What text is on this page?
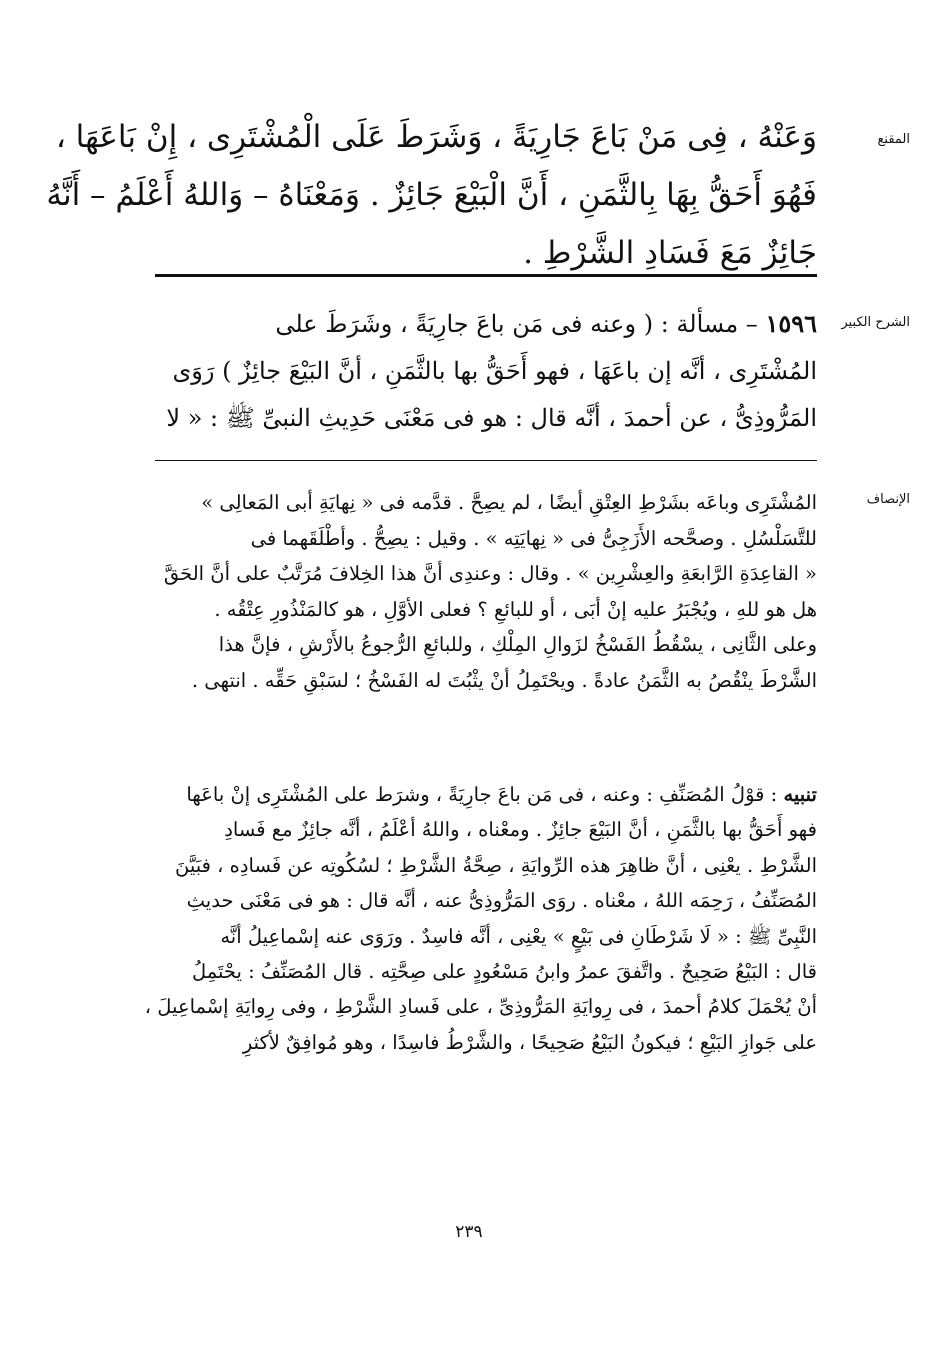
المقنع
الشرح الكبير
الإنصاف
وَعَنْهُ ، فِى مَنْ بَاعَ جَارِيَةً ، وَشَرَطَ عَلَى الْمُشْتَرِى ، إِنْ بَاعَهَا ،
فَهُوَ أَحَقُّ بِهَا بِالثَّمَنِ ، أَنَّ الْبَيْعَ جَائِزٌ . وَمَعْنَاهُ – وَاللهُ أَعْلَمُ – أَنَّهُ
جَائِزٌ مَعَ فَسَادِ الشَّرْطِ .
١٥٩٦ – مسألة : ( وعنه فى مَن باعَ جارِيَةً ، وشَرَطَ على
المُشْتَرِى ، أنَّه إن باعَهَا ، فهو أَحَقُّ بها بالثَّمَنِ ، أنَّ البَيْعَ جائِزٌ ) رَوَى
المَرُّوذِىُّ ، عن أحمدَ ، أنَّه قال : هو فى مَعْنَى حَدِيثِ النبىِّ ﷺ : « لا
المُشْتَرِى وباعَه بشَرْطِ العِتْقِ أيضًا ، لم يصِحَّ . قدَّمه فى « نِهايَةِ أبى المَعالِى »
للتَّسَلْسُلِ . وصحَّحه الأَزَجِىُّ فى « نِهايَتِه » . وقيل : يصِحُّ . وأطْلَقَهما فى
« القاعِدَةِ الرَّابعَةِ والعِشْرِين » . وقال : وعندِى أنَّ هذا الخِلافَ مُرَتَّبٌ على أنَّ الحَقَّ
هل هو للهِ ، ويُجْبَرُ عليه إنْ أبَى ، أو للبائعِ ؟ فعلى الأوَّلِ ، هو كالمَنْذُورِ عِتْقُه .
وعلى الثَّانِى ، يسْقُطُ الفَسْخُ لزَوالِ المِلْكِ ، وللبائعِ الرُّجوعُ بالأَرْشِ ، فإنَّ هذا
الشَّرْطَ ينْقُصُ به الثَّمَنُ عادةً . ويحْتَمِلُ أنْ يثْبُتَ له الفَسْخُ ؛ لسَبْقِ حَقِّه . انتهى .
تنبيه : قوْلُ المُصَنِّفِ : وعنه ، فى مَن باعَ جارِيَةً ، وشرَط على المُشْتَرِى إنْ باعَها
فهو أَحَقُّ بها بالثَّمَنِ ، أنَّ البَيْعَ جائِزٌ . ومعْناه ، واللهُ أعْلَمُ ، أنَّه جائِزٌ مع فَسادِ
الشَّرْطِ . يعْنِى ، أنَّ ظاهِرَ هذه الرِّوايَةِ ، صِحَّةُ الشَّرْطِ ؛ لسُكُوتِه عن فَسادِه ، فبَيَّنَ
المُصَنِّفُ ، رَحِمَه اللهُ ، معْناه . روَى المَرُّوذِىُّ عنه ، أنَّه قال : هو فى مَعْنَى حديثِ
النَّبِىِّ ﷺ : « لَا شَرْطَانِ فى بَيْعٍ » يعْنِى ، أنَّه فاسِدٌ . ورَوَى عنه إسْماعِيلُ أنَّه
قال : البَيْعُ صَحِيحٌ . واتَّفقَ عمرُ وابنُ مَسْعُودٍ على صِحَّتِه . قال المُصَنِّفُ : يحْتَمِلُ
أنْ يُحْمَلَ كلامُ أحمدَ ، فى رِوايَةِ المَرُّوذِىِّ ، على فَسادِ الشَّرْطِ ، وفى رِوايَةِ إسْماعِيلَ ،
على جَوازِ البَيْعِ ؛ فيكونُ البَيْعُ صَحِيحًا ، والشَّرْطُ فاسِدًا ، وهو مُوافِقٌ لأكثرِ
٢٣٩
